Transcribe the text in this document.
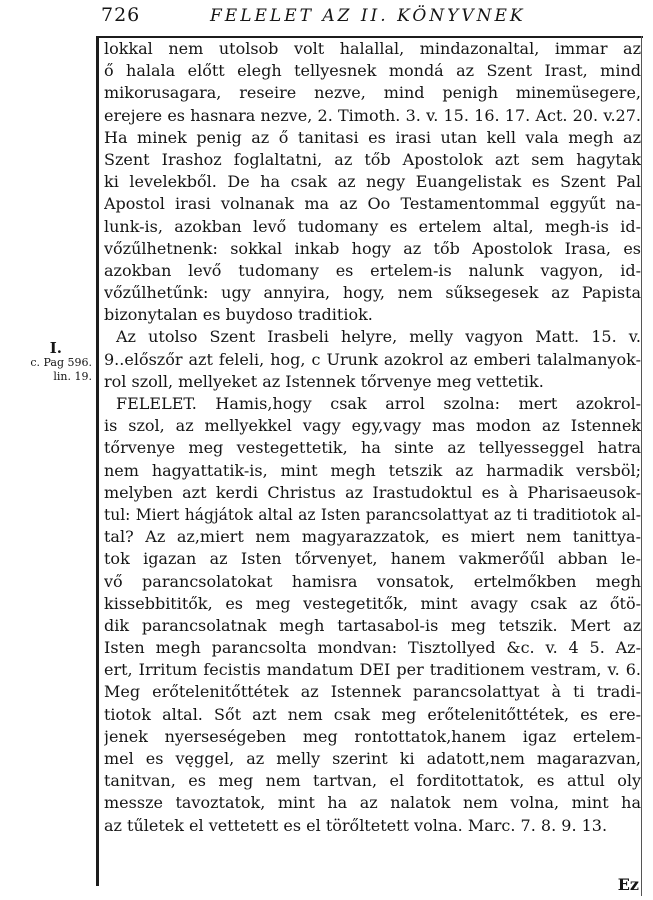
726	FELELET AZ II. KÖNYVNEK
I.
c. Pag 596.
lin. 19.
lokkal nem utolsob volt halallal, mindazonaltal, immar az
ő halala előtt elegh tellyesnek mondá az Szent Irast, mind
mikorusagara, reseire nezve, mind penigh minemüsegere,
erejere es hasnara nezve, 2. Timoth. 3. v. 15. 16. 17. Act. 20. v.27.
Ha minek penig az ő tanitasi es irasi utan kell vala megh az
Szent Irashoz foglaltatni, az tőb Apostolok azt sem hagytak
ki levelekből. De ha csak az negy Euangelistak es Szent Pal
Apostol irasi volnanak ma az Oo Testamentommal eggyűt na-
lunk-is, azokban levő tudomany es ertelem altal, megh-is id-
vőzűlhetnenk: sokkal inkab hogy az tőb Apostolok Irasa, es
azokban levő tudomany es ertelem-is nalunk vagyon, id-
vőzűlhetűnk: ugy annyira, hogy, nem sűksegesek az Papista
bizonytalan es buydoso traditiok.
Az utolso Szent Irasbeli helyre, melly vagyon Matt. 15. v.
9..előszőr azt feleli, hog, c Urunk azokrol az emberi talalmanyok-
rol szoll, mellyeket az Istennek tőrvenye meg vettetik.
FELELET. Hamis,hogy csak arrol szolna: mert azokrol-
is szol, az mellyekkel vagy egy,vagy mas modon az Istennek
tőrvenye meg vestegettetik, ha sinte az tellyesseggel hatra
nem hagyattatik-is, mint megh tetszik az harmadik versböl;
melyben azt kerdi Christus az Irastudoktul es à Pharisaeusok-
tul: Miert hágjátok altal az Isten parancsolattyat az ti traditiotok al-
tal? Az az,miert nem magyarazzatok, es miert nem tanittya-
tok igazan az Isten tőrvenyet, hanem vakmerőűl abban le-
vő parancsolatokat hamisra vonsatok, ertelmőkben megh
kissebbititők, es meg vestegetitők, mint avagy csak az őtö-
dik parancsolatnak megh tartasabol-is meg tetszik. Mert az
Isten megh parancsolta mondvan: Tisztollyed &c. v. 4 5. Az-
ert, Irritum fecistis mandatum DEI per traditionem vestram, v. 6.
Meg erőtelenitőttétek az Istennek parancsolattyat à ti tradi-
tiotok altal. Sőt azt nem csak meg erőtelenitőttétek, es ere-
jenek nyerseségeben meg rontottatok,hanem igaz ertelem-
mel es vęggel, az melly szerint ki adatott,nem magarazvan,
tanitvan, es meg nem tartvan, el forditottatok, es attul oly
messze tavoztatok, mint ha az nalatok nem volna, mint ha
az tűletek el vettetett es el törőltetett volna. Marc. 7. 8. 9. 13.
Ez
